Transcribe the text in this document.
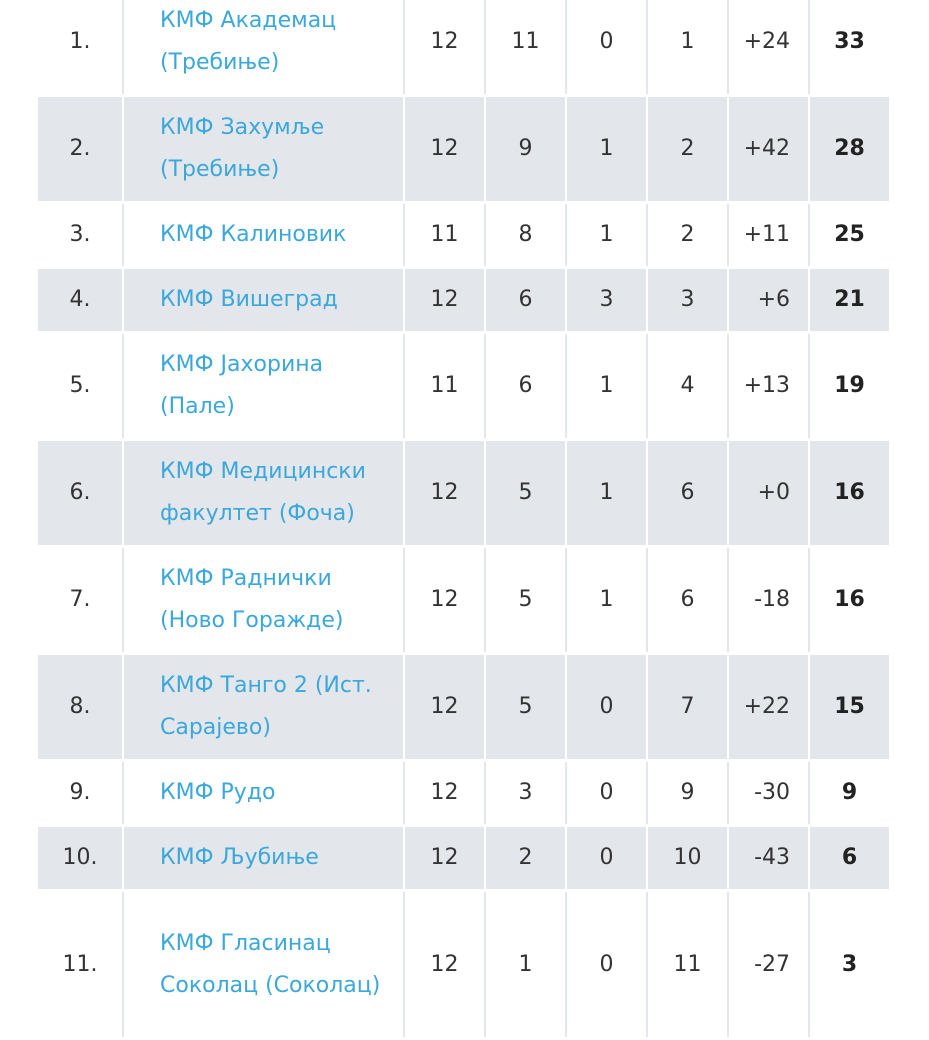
1.	КМФ Академац (Требиње)	12	11	0	1	+24	33
2.	КМФ Захумље (Требиње)	12	9	1	2	+42	28
3.	КМФ Калиновик	11	8	1	2	+11	25
4.	КМФ Вишеград	12	6	3	3	+6	21
5.	КМФ Јахорина (Пале)	11	6	1	4	+13	19
6.	КМФ Медицински факултет (Фоча)	12	5	1	6	+0	16
7.	КМФ Раднички (Ново Горажде)	12	5	1	6	-18	16
8.	КМФ Танго 2 (Ист. Сарајево)	12	5	0	7	+22	15
9.	КМФ Рудо	12	3	0	9	-30	9
10.	КМФ Љубиње	12	2	0	10	-43	6
11.	КМФ Гласинац Соколац (Соколац)	12	1	0	11	-27	3
